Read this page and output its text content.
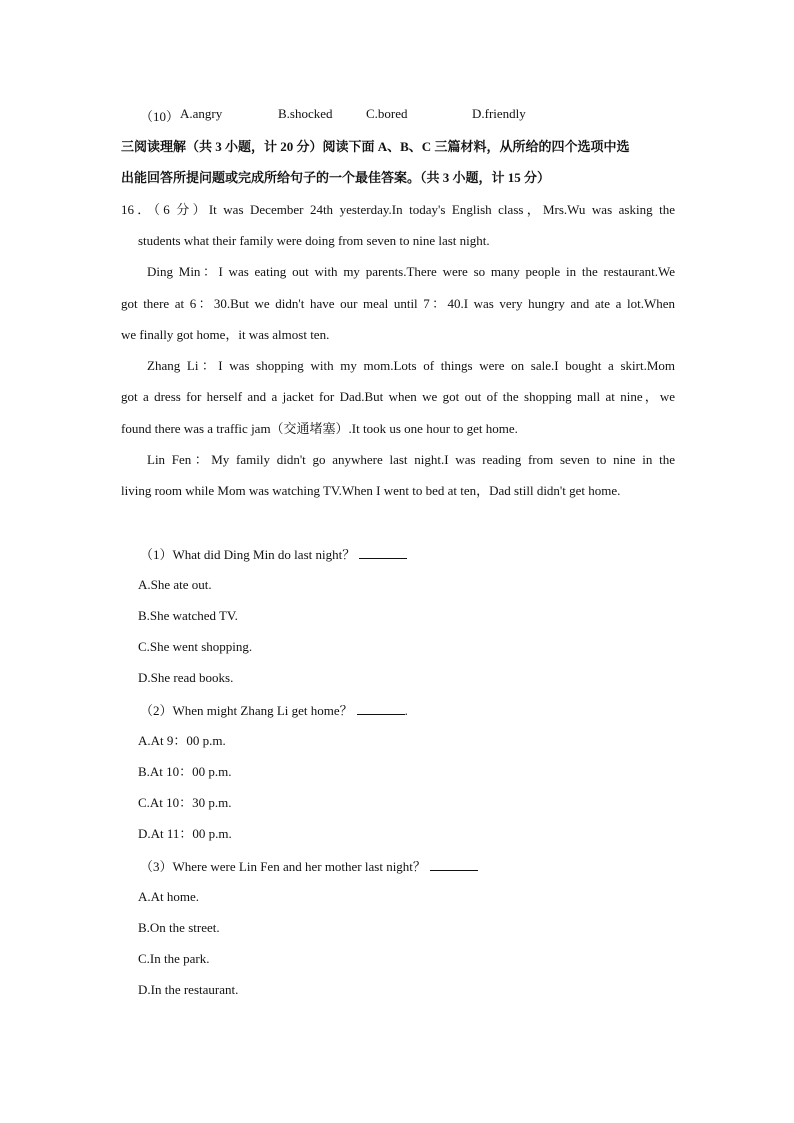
（10） A.angry	B.shocked	C.bored	D.friendly
三阅读理解（共 3 小题，计 20 分）阅读下面 A、B、C 三篇材料，从所给的四个选项中选
出能回答所提问题或完成所给句子的一个最佳答案。（共 3 小题，计 15 分）
16．（6 分）It was December 24th yesterday.In today's English class，Mrs.Wu was asking the
students what their family were doing from seven to nine last night.
Ding Min：I was eating out with my parents.There were so many people in the restaurant.We
got there at 6：30.But we didn't have our meal until 7：40.I was very hungry and ate a lot.When
we finally got home，it was almost ten.
Zhang Li：I was shopping with my mom.Lots of things were on sale.I bought a skirt.Mom
got a dress for herself and a jacket for Dad.But when we got out of the shopping mall at nine，we
found there was a traffic jam（交通堵塞）.It took us one hour to get home.
Lin Fen：My family didn't go anywhere last night.I was reading from seven to nine in the
living room while Mom was watching TV.When I went to bed at ten，Dad still didn't get home.
（1）What did Ding Min do last night？
A.She ate out.
B.She watched TV.
C.She went shopping.
D.She read books.
（2）When might Zhang Li get home？	.
A.At 9：00 p.m.
B.At 10：00 p.m.
C.At 10：30 p.m.
D.At 11：00 p.m.
（3）Where were Lin Fen and her mother last night？
A.At home.
B.On the street.
C.In the park.
D.In the restaurant.
